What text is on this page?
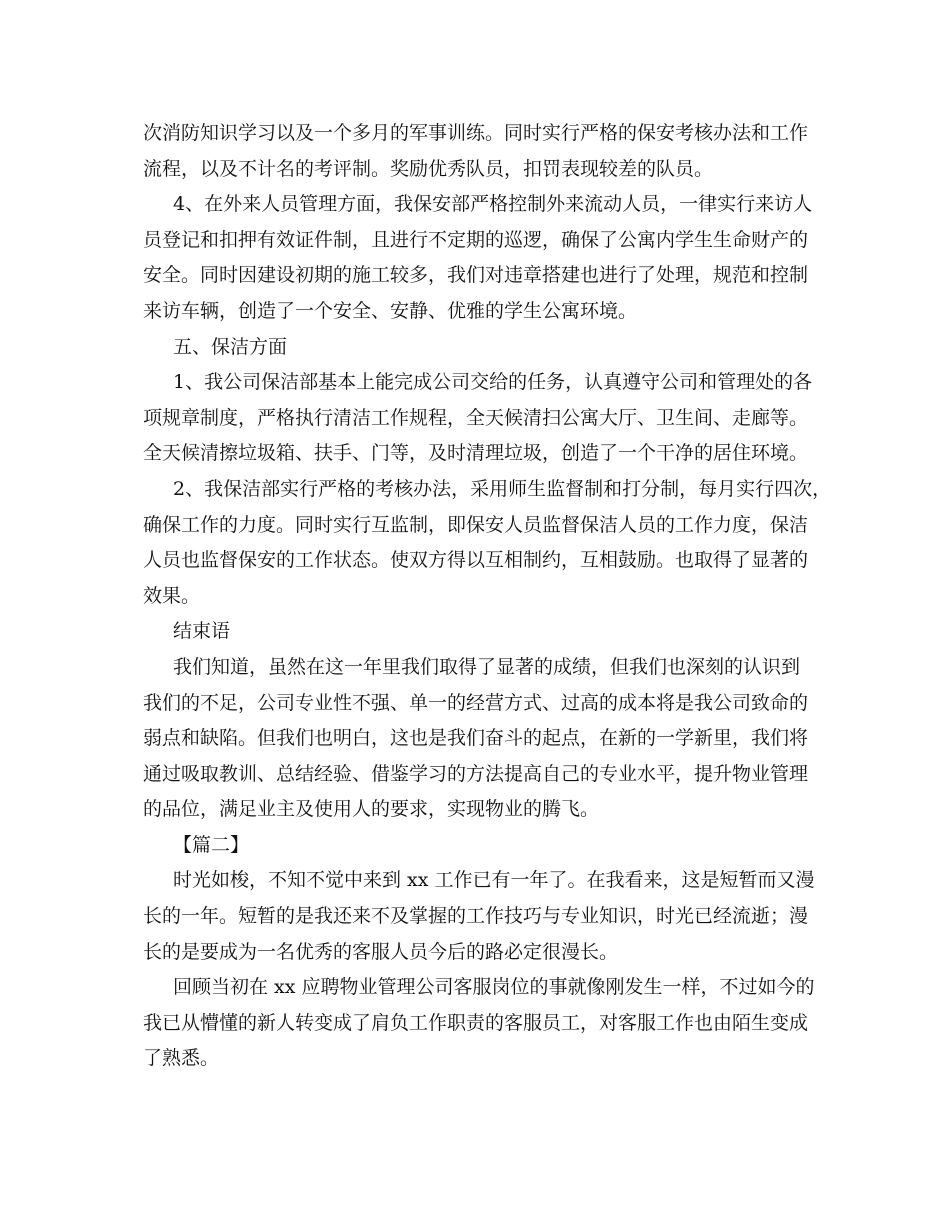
次消防知识学习以及一个多月的军事训练。同时实行严格的保安考核办法和工作
流程，以及不计名的考评制。奖励优秀队员，扣罚表现较差的队员。
4、在外来人员管理方面，我保安部严格控制外来流动人员，一律实行来访人
员登记和扣押有效证件制，且进行不定期的巡逻，确保了公寓内学生生命财产的
安全。同时因建设初期的施工较多，我们对违章搭建也进行了处理，规范和控制
来访车辆，创造了一个安全、安静、优雅的学生公寓环境。
五、保洁方面
1、我公司保洁部基本上能完成公司交给的任务，认真遵守公司和管理处的各
项规章制度，严格执行清洁工作规程，全天候清扫公寓大厅、卫生间、走廊等。
全天候清擦垃圾箱、扶手、门等，及时清理垃圾，创造了一个干净的居住环境。
2、我保洁部实行严格的考核办法，采用师生监督制和打分制，每月实行四次，
确保工作的力度。同时实行互监制，即保安人员监督保洁人员的工作力度，保洁
人员也监督保安的工作状态。使双方得以互相制约，互相鼓励。也取得了显著的
效果。
结束语
我们知道，虽然在这一年里我们取得了显著的成绩，但我们也深刻的认识到
我们的不足，公司专业性不强、单一的经营方式、过高的成本将是我公司致命的
弱点和缺陷。但我们也明白，这也是我们奋斗的起点，在新的一学新里，我们将
通过吸取教训、总结经验、借鉴学习的方法提高自己的专业水平，提升物业管理
的品位，满足业主及使用人的要求，实现物业的腾飞。
【篇二】
时光如梭，不知不觉中来到 xx 工作已有一年了。在我看来，这是短暂而又漫
长的一年。短暂的是我还来不及掌握的工作技巧与专业知识，时光已经流逝；漫
长的是要成为一名优秀的客服人员今后的路必定很漫长。
回顾当初在 xx 应聘物业管理公司客服岗位的事就像刚发生一样，不过如今的
我已从懵懂的新人转变成了肩负工作职责的客服员工，对客服工作也由陌生变成
了熟悉。
